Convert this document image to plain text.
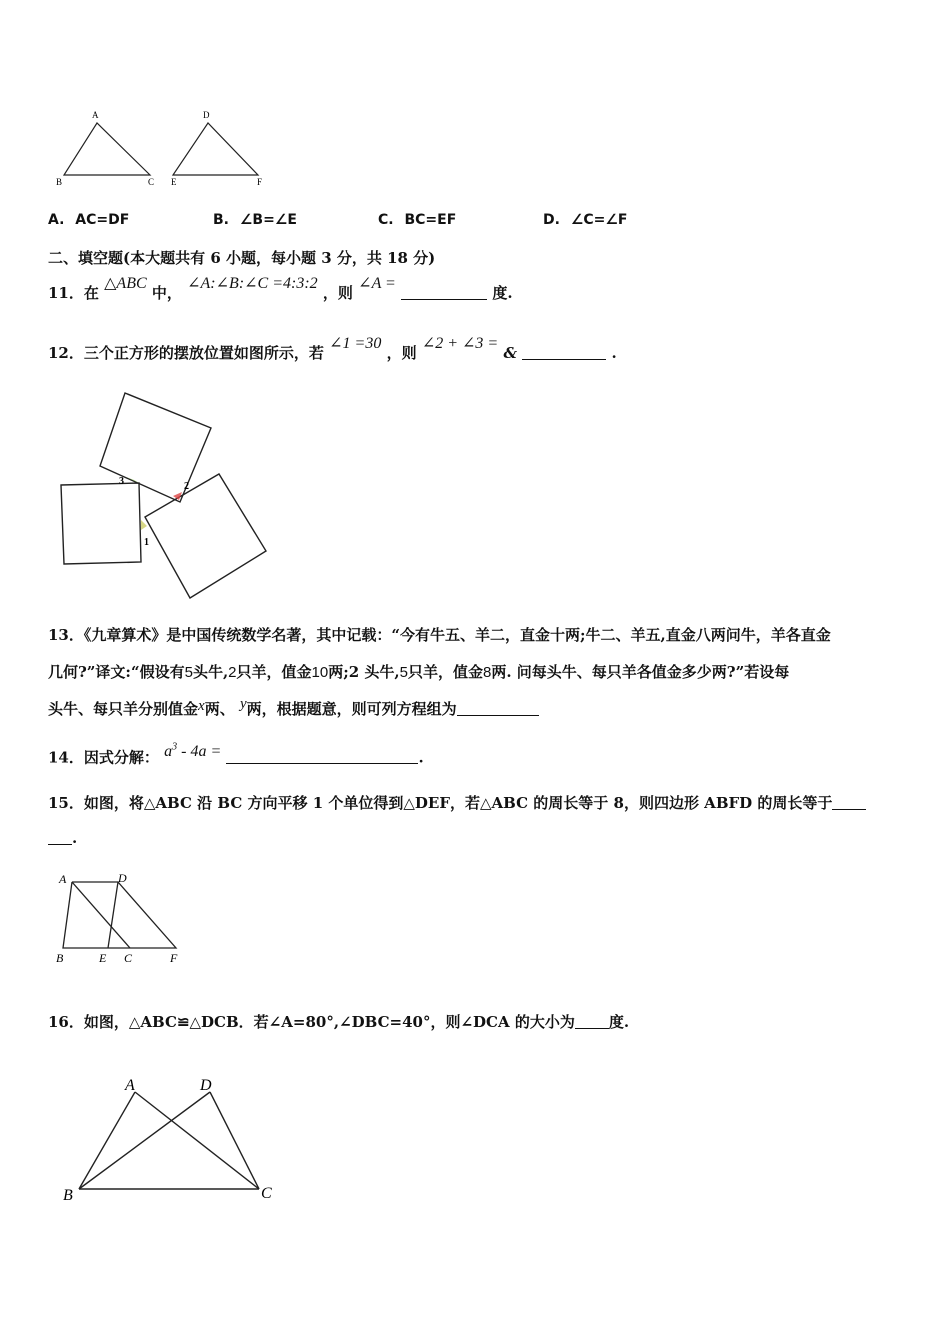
A
B	C
D
E	F
A. AC=DF	B. ∠B=∠E	C. BC=EF	D. ∠C=∠F
二、填空题(本大题共有 6 小题，每小题 3 分，共 18 分)
11．在 △ABC 中， ∠A:∠B:∠C =4:3:2 ，则 ∠A =  度.
12．三个正方形的摆放位置如图所示，若 ∠1 =30 ，则 ∠2 + ∠3 = &	.
3	2
1
13．《九章算术》是中国传统数学名著，其中记载：“今有牛五、羊二，直金十两;牛二、羊五,直金八两问牛，羊各直金
几何?”译文:“假设有5头牛,2只羊，值金10两;2 头牛,5只羊，值金8两. 问每头牛、每只羊各值金多少两?”若设每
头牛、每只羊分别值金x两、 y两，根据题意，则可列方程组为
14．因式分解： $a^3 - 4a$ =	.
15．如图，将△ABC 沿 BC 方向平移 1 个单位得到△DEF，若△ABC 的周长等于 8，则四边形 ABFD 的周长等于
.
A	D
B	E C	F
16．如图，△ABC≌△DCB．若∠A=80°,∠DBC=40°，则∠DCA 的大小为 度.
A	D
B	C
